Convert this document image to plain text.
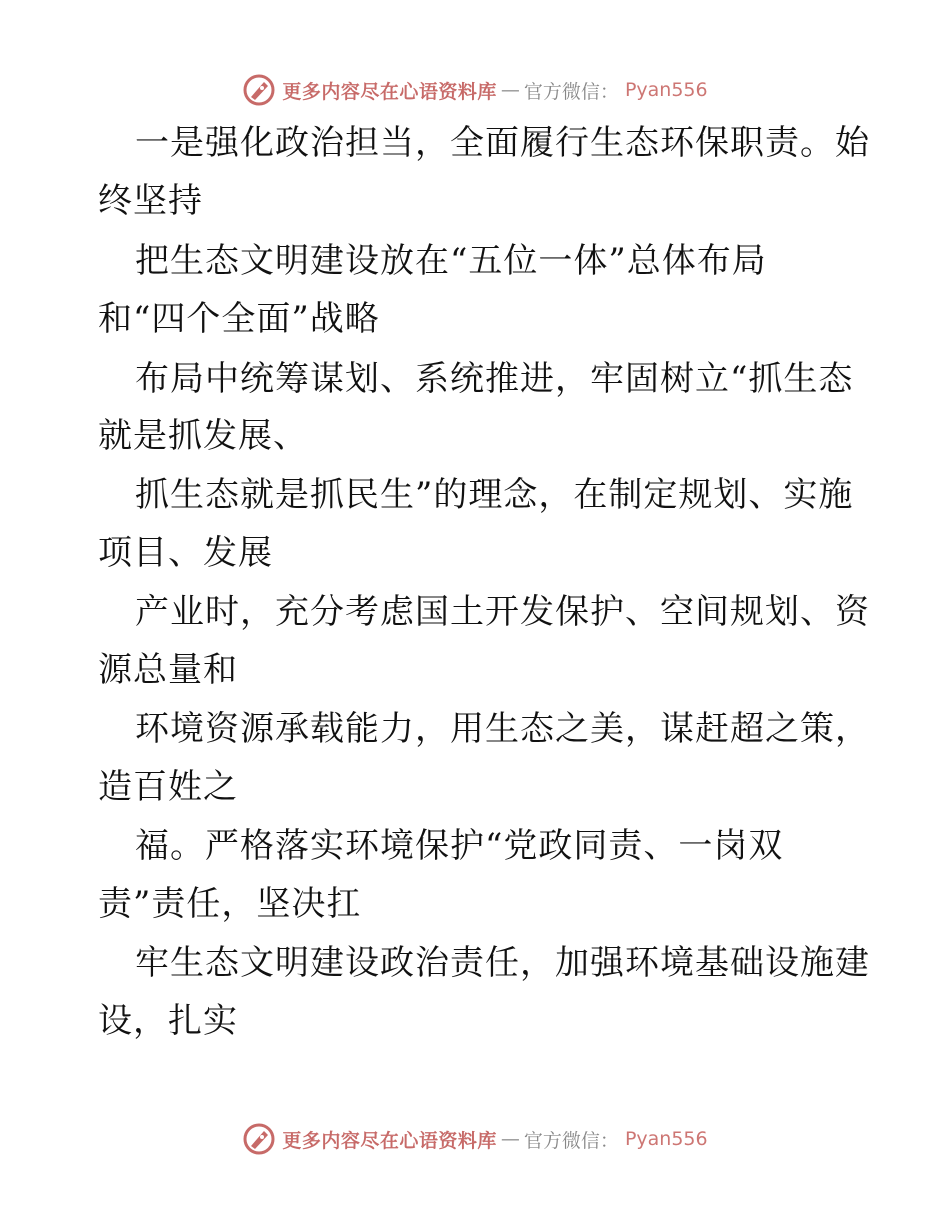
更多内容尽在心语资料库 — 官方微信： Pyan556
一是强化政治担当，全面履行生态环保职责。始
终坚持
把生态文明建设放在“五位一体”总体布局
和“四个全面”战略
布局中统筹谋划、系统推进，牢固树立“抓生态
就是抓发展、
抓生态就是抓民生”的理念，在制定规划、实施
项目、发展
产业时，充分考虑国土开发保护、空间规划、资
源总量和
环境资源承载能力，用生态之美，谋赶超之策，
造百姓之
福。严格落实环境保护“党政同责、一岗双
责”责任，坚决扛
牢生态文明建设政治责任，加强环境基础设施建
设，扎实
更多内容尽在心语资料库 — 官方微信： Pyan556
